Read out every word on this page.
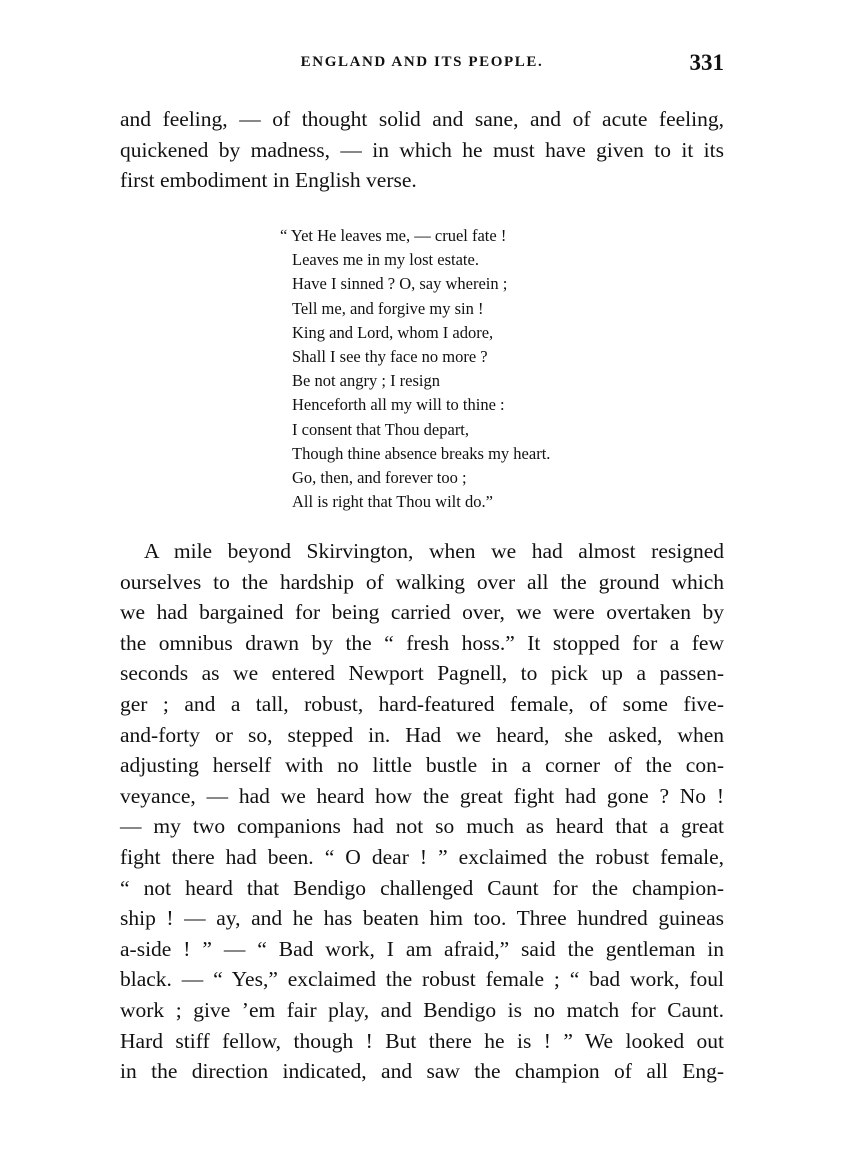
ENGLAND AND ITS PEOPLE.	331
and feeling, — of thought solid and sane, and of acute feeling,
quickened by madness, — in which he must have given to it its
first embodiment in English verse.
“ Yet He leaves me, — cruel fate !
Leaves me in my lost estate.
Have I sinned ? O, say wherein ;
Tell me, and forgive my sin !
King and Lord, whom I adore,
Shall I see thy face no more ?
Be not angry ; I resign
Henceforth all my will to thine :
I consent that Thou depart,
Though thine absence breaks my heart.
Go, then, and forever too ;
All is right that Thou wilt do.”
A mile beyond Skirvington, when we had almost resigned
ourselves to the hardship of walking over all the ground which
we had bargained for being carried over, we were overtaken by
the omnibus drawn by the “ fresh hoss.” It stopped for a few
seconds as we entered Newport Pagnell, to pick up a passen-
ger ; and a tall, robust, hard-featured female, of some five-
and-forty or so, stepped in. Had we heard, she asked, when
adjusting herself with no little bustle in a corner of the con-
veyance, — had we heard how the great fight had gone ? No !
— my two companions had not so much as heard that a great
fight there had been. “ O dear ! ” exclaimed the robust female,
“ not heard that Bendigo challenged Caunt for the champion-
ship ! — ay, and he has beaten him too. Three hundred guineas
a-side ! ” — “ Bad work, I am afraid,” said the gentleman in
black. — “ Yes,” exclaimed the robust female ; “ bad work, foul
work ; give ’em fair play, and Bendigo is no match for Caunt.
Hard stiff fellow, though ! But there he is ! ” We looked out
in the direction indicated, and saw the champion of all Eng-
